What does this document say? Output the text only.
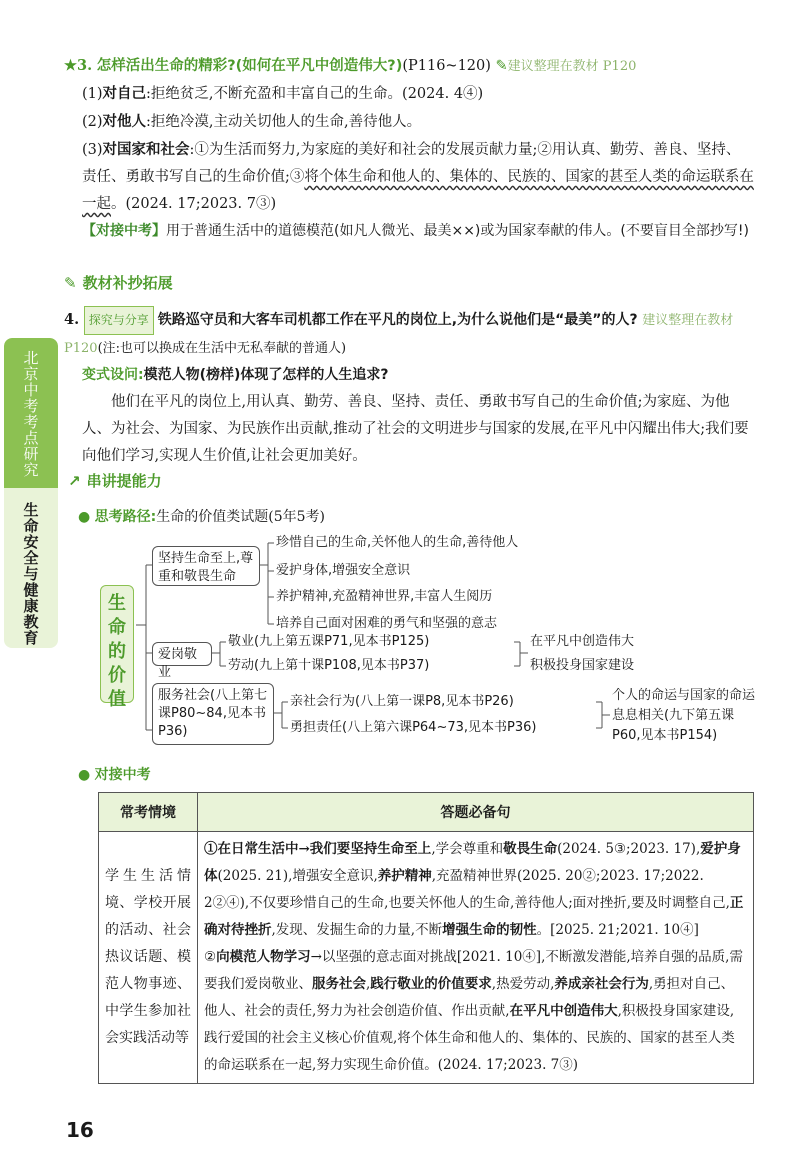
北京中考考点研究
生命安全与健康教育

★3. 怎样活出生命的精彩?(如何在平凡中创造伟大?)(P116~120) ✎建议整理在教材 P120

(1)对自己:拒绝贫乏,不断充盈和丰富自己的生命。(2024. 4④)

(2)对他人:拒绝冷漠,主动关切他人的生命,善待他人。

(3)对国家和社会:①为生活而努力,为家庭的美好和社会的发展贡献力量;②用认真、勤劳、善良、坚持、责任、勇敢书写自己的生命价值;③将个体生命和他人的、集体的、民族的、国家的甚至人类的命运联系在一起。(2024. 17;2023. 7③)

【对接中考】用于普通生活中的道德模范(如凡人微光、最美××)或为国家奉献的伟人。(不要盲目全部抄写!)

✎ 教材补抄拓展

4. 探究与分享 铁路巡守员和大客车司机都工作在平凡的岗位上,为什么说他们是“最美”的人? 建议整理在教材 P120(注:也可以换成在生活中无私奉献的普通人)

变式设问:模范人物(榜样)体现了怎样的人生追求?

他们在平凡的岗位上,用认真、勤劳、善良、坚持、责任、勇敢书写自己的生命价值;为家庭、为他人、为社会、为国家、为民族作出贡献,推动了社会的文明进步与国家的发展,在平凡中闪耀出伟大;我们要向他们学习,实现人生价值,让社会更加美好。

↗ 串讲提能力
● 思考路径:生命的价值类试题(5年5考)
生命的价值
坚持生命至上,尊重和敬畏生命
珍惜自己的生命,关怀他人的生命,善待他人
爱护身体,增强安全意识
养护精神,充盈精神世界,丰富人生阅历
培养自己面对困难的勇气和坚强的意志
爱岗敬业
敬业(九上第五课P71,见本书P125)
劳动(九上第十课P108,见本书P37)
在平凡中创造伟大
积极投身国家建设
服务社会(八上第七课P80~84,见本书P36)
亲社会行为(八上第一课P8,见本书P26)
勇担责任(八上第六课P64~73,见本书P36)
个人的命运与国家的命运息息相关(九下第五课P60,见本书P154)
● 对接中考
常考情境	答题必备句
学生生活情境、学校开展的活动、社会热议话题、模范人物事迹、中学生参加社会实践活动等	①在日常生活中→我们要坚持生命至上,学会尊重和敬畏生命(2024. 5③;2023. 17),爱护身体(2025. 21),增强安全意识,养护精神,充盈精神世界(2025. 20②;2023. 17;2022. 2②④),不仅要珍惜自己的生命,也要关怀他人的生命,善待他人;面对挫折,要及时调整自己,正确对待挫折,发现、发掘生命的力量,不断增强生命的韧性。[2025. 21;2021. 10④]
②向模范人物学习→以坚强的意志面对挑战[2021. 10④],不断激发潜能,培养自强的品质,需要我们爱岗敬业、服务社会,践行敬业的价值要求,热爱劳动,养成亲社会行为,勇担对自己、他人、社会的责任,努力为社会创造价值、作出贡献,在平凡中创造伟大,积极投身国家建设,践行爱国的社会主义核心价值观,将个体生命和他人的、集体的、民族的、国家的甚至人类的命运联系在一起,努力实现生命价值。(2024. 17;2023. 7③)
16
